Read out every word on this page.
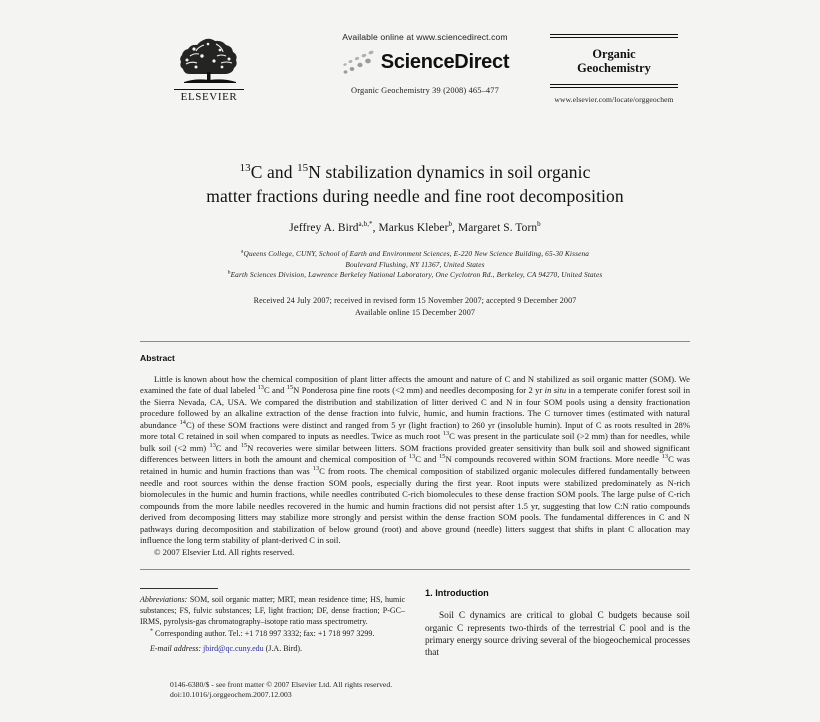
ELSEVIER
Available online at www.sciencedirect.com
ScienceDirect
Organic Geochemistry 39 (2008) 465–477
Organic
Geochemistry
www.elsevier.com/locate/orggeochem
$^{13}$C and $^{15}$N stabilization dynamics in soil organic
matter fractions during needle and fine root decomposition
Jeffrey A. Bird$^{a,b,*}$, Markus Kleber$^b$, Margaret S. Torn$^b$
$^a$Queens College, CUNY, School of Earth and Environment Sciences, E-220 New Science Building, 65-30 Kissena
Boulevard Flushing, NY 11367, United States
$^b$Earth Sciences Division, Lawrence Berkeley National Laboratory, One Cyclotron Rd., Berkeley, CA 94270, United States
Received 24 July 2007; received in revised form 15 November 2007; accepted 9 December 2007
Available online 15 December 2007
Abstract

Little is known about how the chemical composition of plant litter affects the amount and nature of C and N stabilized as soil organic matter (SOM). We examined the fate of dual labeled $^{13}$C and $^{15}$N Ponderosa pine fine roots (<2 mm) and needles decomposing for 2 yr in situ in a temperate conifer forest soil in the Sierra Nevada, CA, USA. We compared the distribution and stabilization of litter derived C and N in four SOM pools using a density fractionation procedure followed by an alkaline extraction of the dense fraction into fulvic, humic, and humin fractions. The C turnover times (estimated with natural abundance $^{14}$C) of these SOM fractions were distinct and ranged from 5 yr (light fraction) to 260 yr (insoluble humin). Input of C as roots resulted in 28% more total C retained in soil when compared to inputs as needles. Twice as much root $^{13}$C was present in the particulate soil (>2 mm) than for needles, while bulk soil (<2 mm) $^{13}$C and $^{15}$N recoveries were similar between litters. SOM fractions provided greater sensitivity than bulk soil and showed significant differences between litters in both the amount and chemical composition of $^{13}$C and $^{15}$N compounds recovered within SOM fractions. More needle $^{13}$C was retained in humic and humin fractions than was $^{13}$C from roots. The chemical composition of stabilized organic molecules differed fundamentally between needle and root sources within the dense fraction SOM pools, especially during the first year. Root inputs were stabilized predominately as N-rich biomolecules in the humic and humin fractions, while needles contributed C-rich biomolecules to these dense fraction SOM pools. The large pulse of C-rich compounds from the more labile needles recovered in the humic and humin fractions did not persist after 1.5 yr, suggesting that low C:N ratio compounds derived from decomposing litters may stabilize more strongly and persist within the dense fraction SOM pools. The fundamental differences in C and N pathways during decomposition and stabilization of below ground (root) and above ground (needle) litters suggest that shifts in plant C allocation may influence the long term stability of plant-derived C in soil.

© 2007 Elsevier Ltd. All rights reserved.

Abbreviations: SOM, soil organic matter; MRT, mean residence time; HS, humic substances; FS, fulvic substances; LF, light fraction; DF, dense fraction; P-GC–IRMS, pyrolysis-gas chromatography–isotope ratio mass spectrometry.

* Corresponding author. Tel.: +1 718 997 3332; fax: +1 718 997 3299.

E-mail address: jbird@qc.cuny.edu (J.A. Bird).

1. Introduction

Soil C dynamics are critical to global C budgets because soil organic C represents two-thirds of the terrestrial C pool and is the primary energy source driving several of the biogeochemical processes that

0146-6380/$ - see front matter © 2007 Elsevier Ltd. All rights reserved.

doi:10.1016/j.orggeochem.2007.12.003
